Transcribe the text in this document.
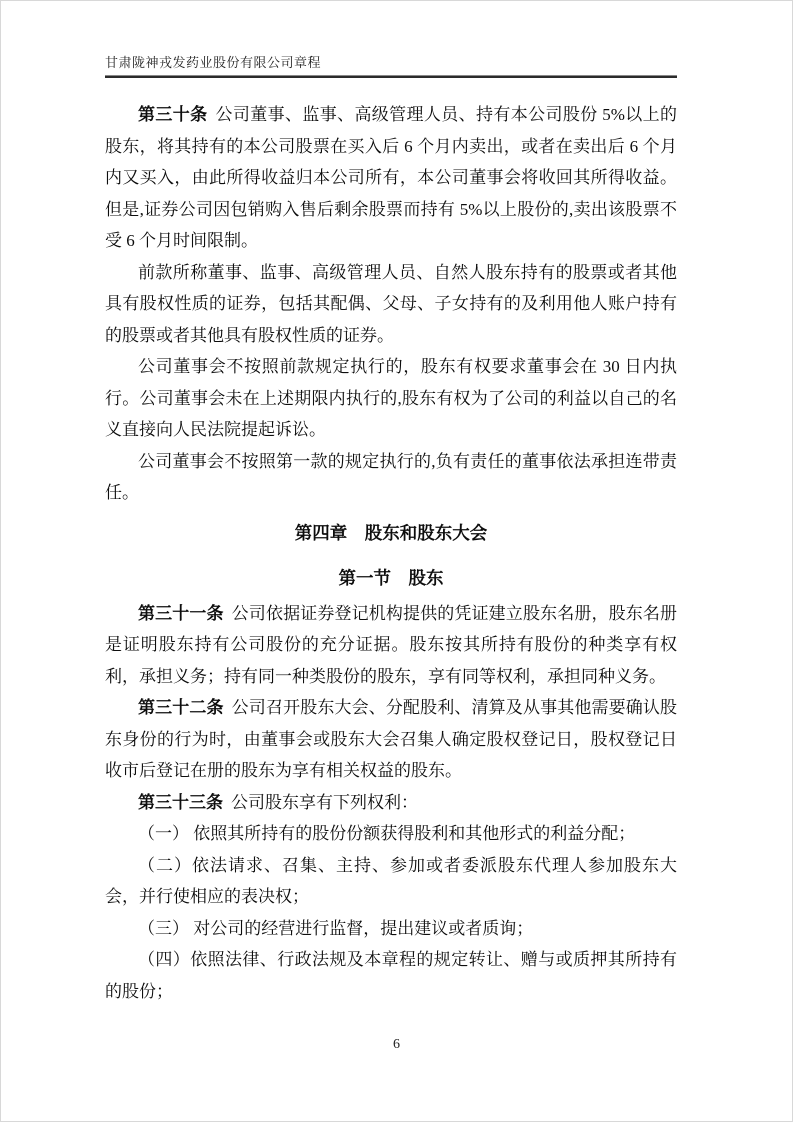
甘肃陇神戎发药业股份有限公司章程

第三十条 公司董事、监事、高级管理人员、持有本公司股份 5%以上的股东，将其持有的本公司股票在买入后 6 个月内卖出，或者在卖出后 6 个月内又买入，由此所得收益归本公司所有，本公司董事会将收回其所得收益。但是,证券公司因包销购入售后剩余股票而持有 5%以上股份的,卖出该股票不受 6 个月时间限制。

前款所称董事、监事、高级管理人员、自然人股东持有的股票或者其他具有股权性质的证券，包括其配偶、父母、子女持有的及利用他人账户持有的股票或者其他具有股权性质的证券。

公司董事会不按照前款规定执行的，股东有权要求董事会在 30 日内执行。公司董事会未在上述期限内执行的,股东有权为了公司的利益以自己的名义直接向人民法院提起诉讼。

公司董事会不按照第一款的规定执行的,负有责任的董事依法承担连带责任。

第四章　股东和股东大会

第一节　股东

第三十一条 公司依据证券登记机构提供的凭证建立股东名册，股东名册是证明股东持有公司股份的充分证据。股东按其所持有股份的种类享有权利，承担义务；持有同一种类股份的股东，享有同等权利，承担同种义务。

第三十二条 公司召开股东大会、分配股利、清算及从事其他需要确认股东身份的行为时，由董事会或股东大会召集人确定股权登记日，股权登记日收市后登记在册的股东为享有相关权益的股东。

第三十三条 公司股东享有下列权利：

（一） 依照其所持有的股份份额获得股利和其他形式的利益分配；

（二）依法请求、召集、主持、参加或者委派股东代理人参加股东大会，并行使相应的表决权；

（三） 对公司的经营进行监督，提出建议或者质询；

（四）依照法律、行政法规及本章程的规定转让、赠与或质押其所持有的股份；

6
